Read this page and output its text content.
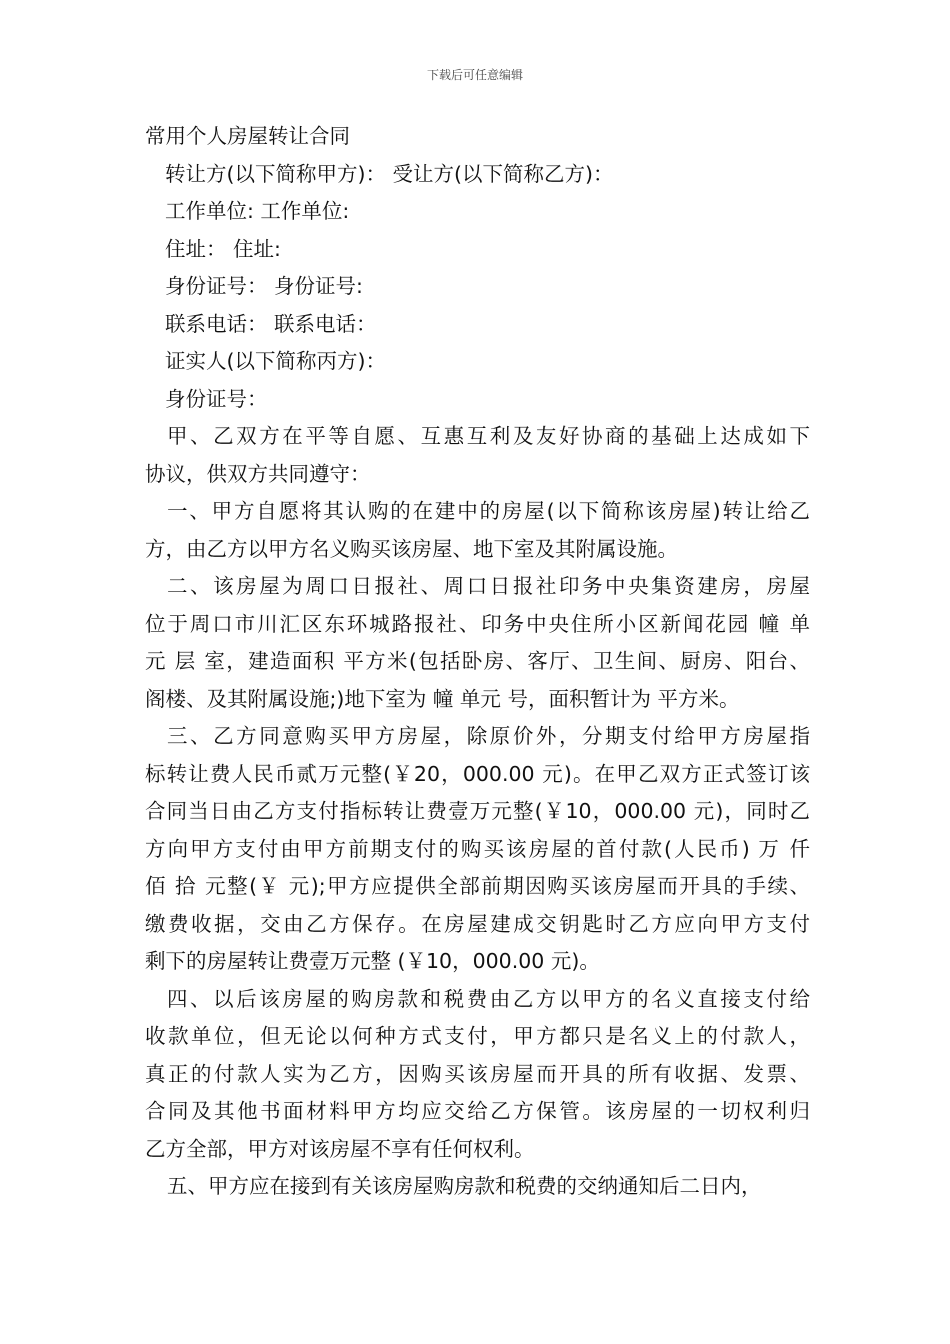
下载后可任意编辑
常用个人房屋转让合同
转让方(以下简称甲方)： 受让方(以下简称乙方)：
工作单位: 工作单位:
住址： 住址:
身份证号： 身份证号:
联系电话： 联系电话：
证实人(以下简称丙方)：
身份证号：
甲、乙双方在平等自愿、互惠互利及友好协商的基础上达成如下
协议，供双方共同遵守：
一、甲方自愿将其认购的在建中的房屋(以下简称该房屋)转让给乙
方，由乙方以甲方名义购买该房屋、地下室及其附属设施。
二、该房屋为周口日报社、周口日报社印务中央集资建房，房屋
位于周口市川汇区东环城路报社、印务中央住所小区新闻花园 幢 单
元 层 室，建造面积 平方米(包括卧房、客厅、卫生间、厨房、阳台、
阁楼、及其附属设施;)地下室为 幢 单元 号，面积暂计为 平方米。
三、乙方同意购买甲方房屋，除原价外，分期支付给甲方房屋指
标转让费人民币贰万元整(￥20，000.00 元)。在甲乙双方正式签订该
合同当日由乙方支付指标转让费壹万元整(￥10，000.00 元)，同时乙
方向甲方支付由甲方前期支付的购买该房屋的首付款(人民币) 万 仟
佰 拾 元整(￥ 元);甲方应提供全部前期因购买该房屋而开具的手续、
缴费收据，交由乙方保存。在房屋建成交钥匙时乙方应向甲方支付
剩下的房屋转让费壹万元整 (￥10，000.00 元)。
四、以后该房屋的购房款和税费由乙方以甲方的名义直接支付给
收款单位，但无论以何种方式支付，甲方都只是名义上的付款人，
真正的付款人实为乙方，因购买该房屋而开具的所有收据、发票、
合同及其他书面材料甲方均应交给乙方保管。该房屋的一切权利归
乙方全部，甲方对该房屋不享有任何权利。
五、甲方应在接到有关该房屋购房款和税费的交纳通知后二日内，
